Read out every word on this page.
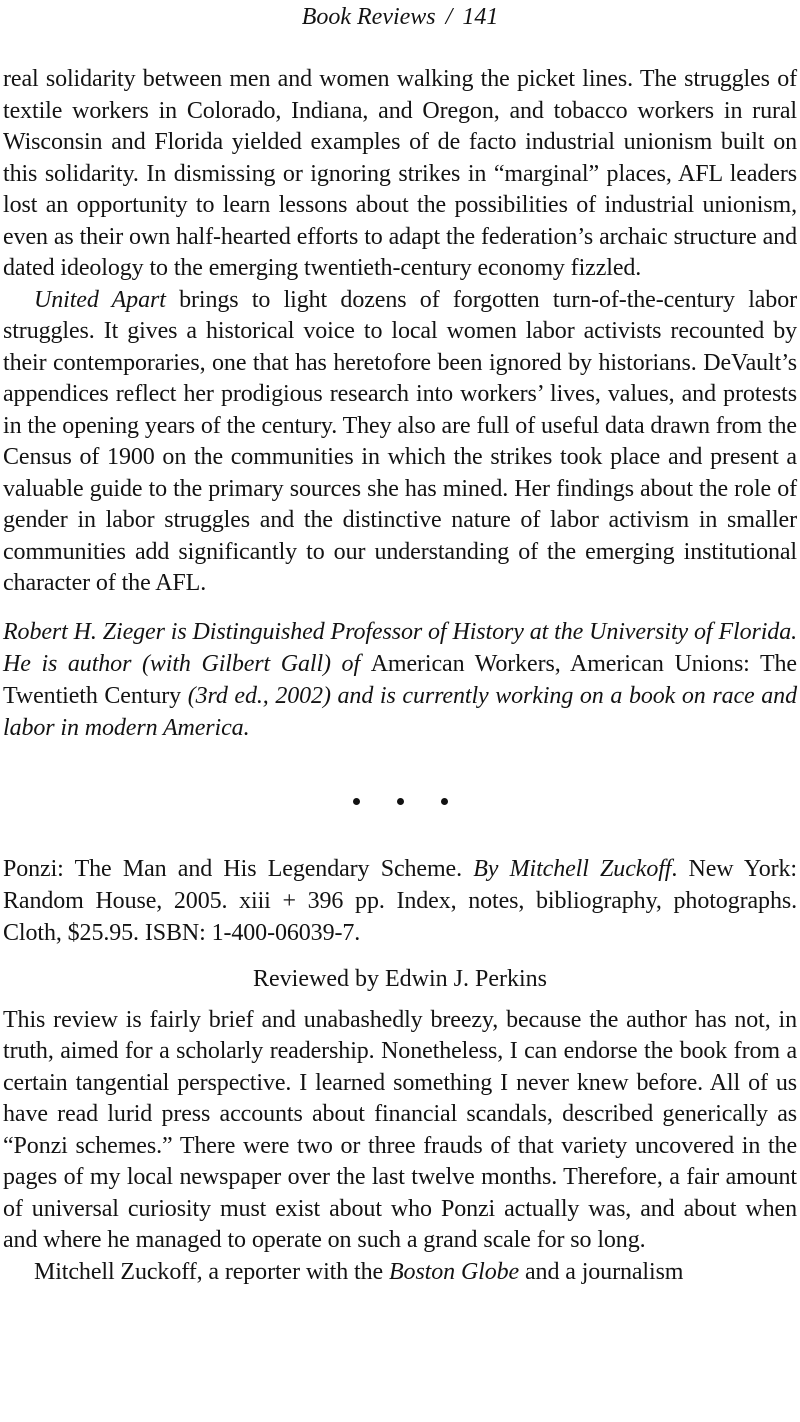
Book Reviews / 141

real solidarity between men and women walking the picket lines. The struggles of textile workers in Colorado, Indiana, and Oregon, and tobacco workers in rural Wisconsin and Florida yielded examples of de facto industrial unionism built on this solidarity. In dismissing or ignoring strikes in “marginal” places, AFL leaders lost an opportunity to learn lessons about the possibilities of industrial unionism, even as their own half-hearted efforts to adapt the federation’s archaic structure and dated ideology to the emerging twentieth-century economy fizzled.

United Apart brings to light dozens of forgotten turn-of-the-century labor struggles. It gives a historical voice to local women labor activists recounted by their contemporaries, one that has heretofore been ignored by historians. DeVault’s appendices reflect her prodigious research into workers’ lives, values, and protests in the opening years of the century. They also are full of useful data drawn from the Census of 1900 on the communities in which the strikes took place and present a valuable guide to the primary sources she has mined. Her findings about the role of gender in labor struggles and the distinctive nature of labor activism in smaller communities add significantly to our understanding of the emerging institutional character of the AFL.

Robert H. Zieger is Distinguished Professor of History at the University of Florida. He is author (with Gilbert Gall) of American Workers, American Unions: The Twentieth Century (3rd ed., 2002) and is currently working on a book on race and labor in modern America.

Ponzi: The Man and His Legendary Scheme. By Mitchell Zuckoff. New York: Random House, 2005. xiii + 396 pp. Index, notes, bibliography, photographs. Cloth, $25.95. ISBN: 1-400-06039-7.

Reviewed by Edwin J. Perkins

This review is fairly brief and unabashedly breezy, because the author has not, in truth, aimed for a scholarly readership. Nonetheless, I can endorse the book from a certain tangential perspective. I learned something I never knew before. All of us have read lurid press accounts about financial scandals, described generically as “Ponzi schemes.” There were two or three frauds of that variety uncovered in the pages of my local newspaper over the last twelve months. Therefore, a fair amount of universal curiosity must exist about who Ponzi actually was, and about when and where he managed to operate on such a grand scale for so long.

Mitchell Zuckoff, a reporter with the Boston Globe and a journalism
